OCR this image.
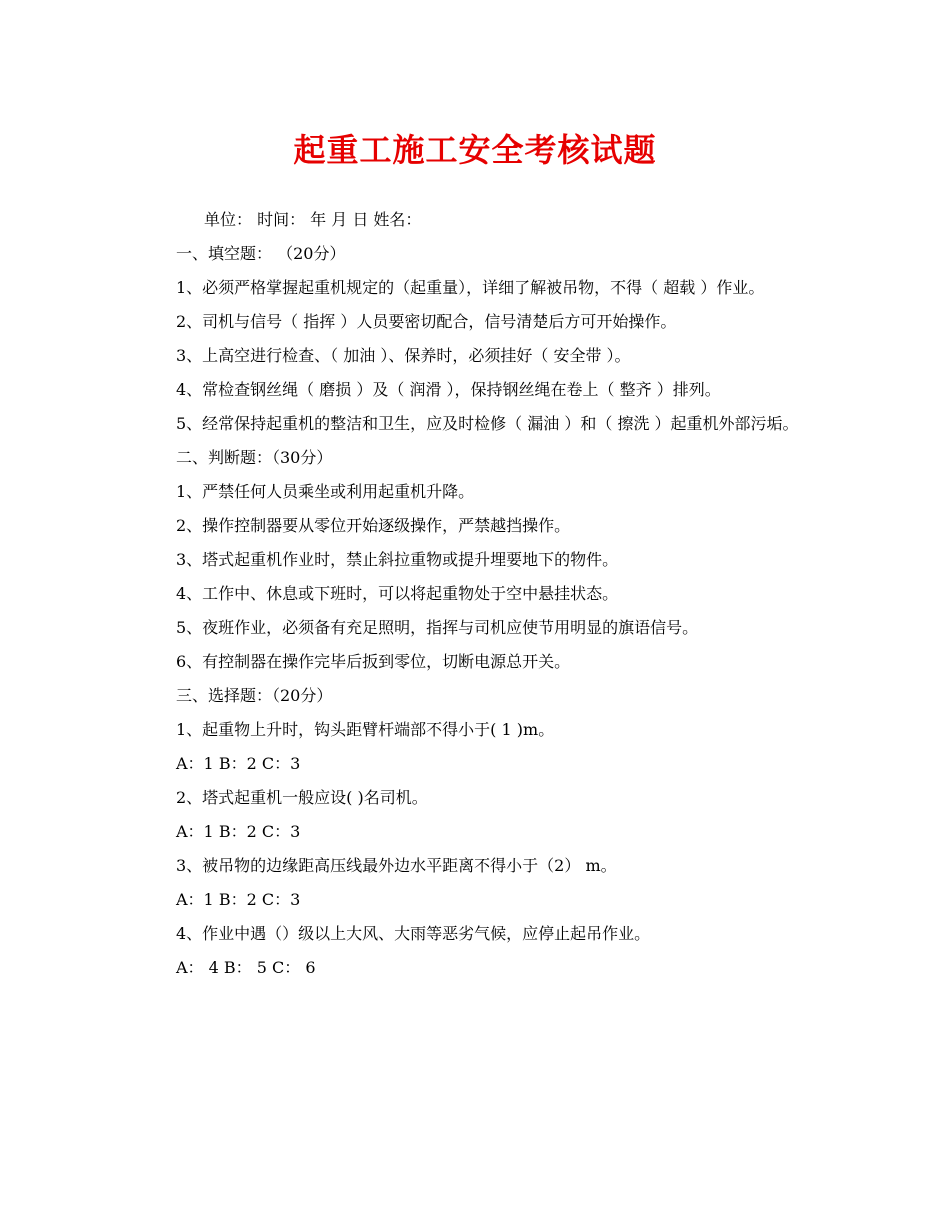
起重工施工安全考核试题
单位： 时间： 年 月 日 姓名：
一、填空题： （20分）
1、必须严格掌握起重机规定的（起重量），详细了解被吊物，不得（ 超载 ）作业。
2、司机与信号（ 指挥 ）人员要密切配合，信号清楚后方可开始操作。
3、上高空进行检查、（ 加油 ）、保养时，必须挂好（ 安全带 ）。
4、常检查钢丝绳（ 磨损 ）及（ 润滑 ），保持钢丝绳在卷上（ 整齐 ）排列。
5、经常保持起重机的整洁和卫生，应及时检修（ 漏油 ）和（ 擦洗 ）起重机外部污垢。
二、判断题：（30分）
1、严禁任何人员乘坐或利用起重机升降。
2、操作控制器要从零位开始逐级操作，严禁越挡操作。
3、塔式起重机作业时，禁止斜拉重物或提升埋要地下的物件。
4、工作中、休息或下班时，可以将起重物处于空中悬挂状态。
5、夜班作业，必须备有充足照明，指挥与司机应使节用明显的旗语信号。
6、有控制器在操作完毕后扳到零位，切断电源总开关。
三、选择题：（20分）
1、起重物上升时，钩头距臂杆端部不得小于( 1 )m。
A：1 B：2 C：3
2、塔式起重机一般应设( )名司机。
A：1 B：2 C：3
3、被吊物的边缘距高压线最外边水平距离不得小于（2） m。
A：1 B：2 C：3
4、作业中遇（）级以上大风、大雨等恶劣气候，应停止起吊作业。
A： 4 B： 5 C： 6
